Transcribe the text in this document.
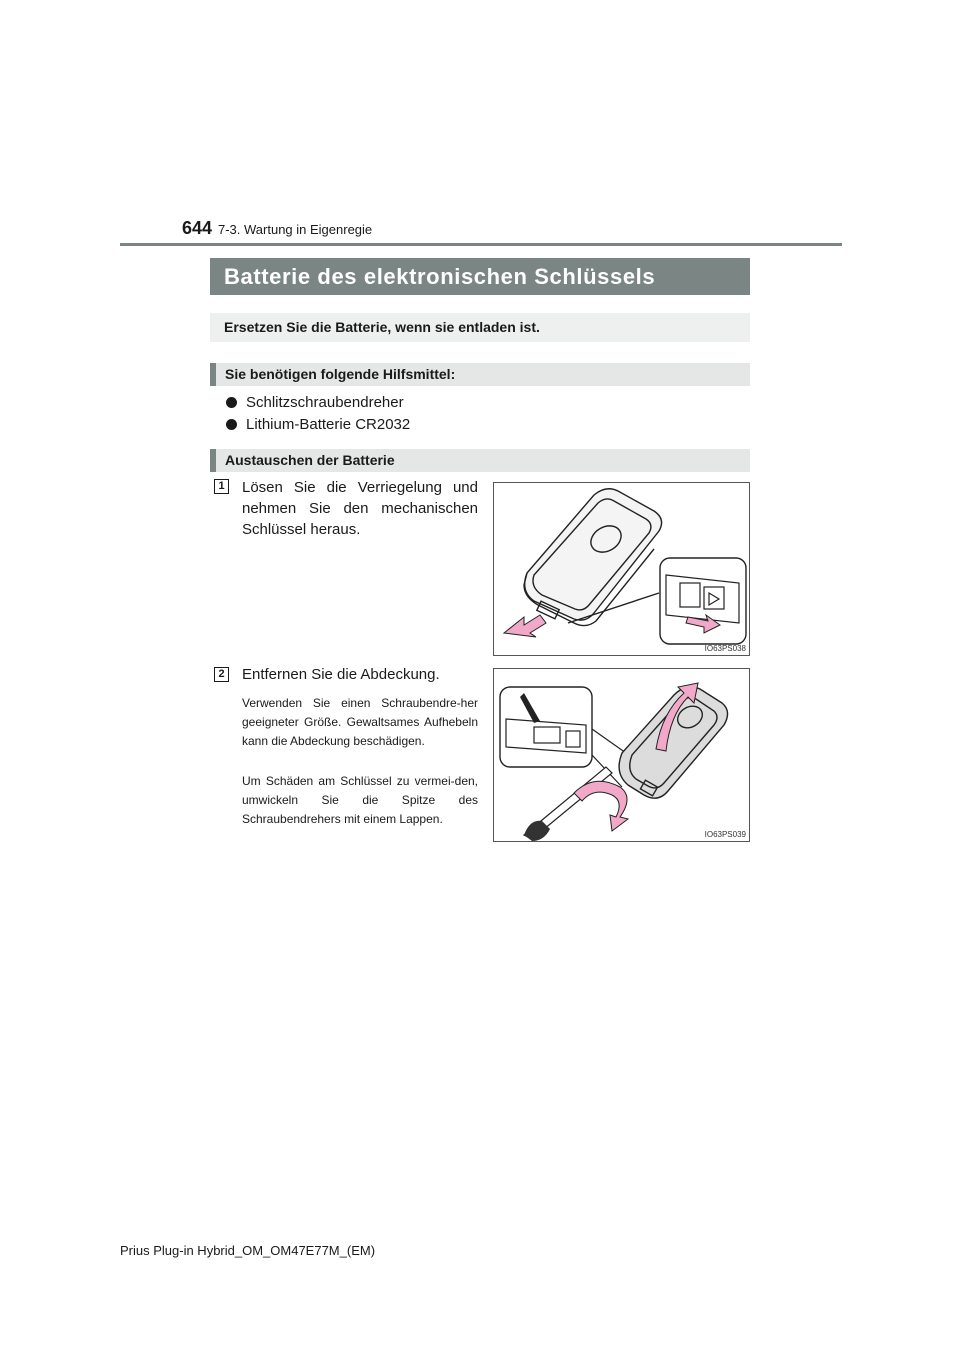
644 7-3. Wartung in Eigenregie
Batterie des elektronischen Schlüssels
Ersetzen Sie die Batterie, wenn sie entladen ist.
Sie benötigen folgende Hilfsmittel:
Schlitzschraubendreher
Lithium-Batterie CR2032
Austauschen der Batterie
1 Lösen Sie die Verriegelung und nehmen Sie den mechanischen Schlüssel heraus.
IO63PS038
2 Entfernen Sie die Abdeckung.
Verwenden Sie einen Schraubendre-her geeigneter Größe. Gewaltsames Aufhebeln kann die Abdeckung beschädigen.
Um Schäden am Schlüssel zu vermei-den, umwickeln Sie die Spitze des Schraubendrehers mit einem Lappen.
IO63PS039
Prius Plug-in Hybrid_OM_OM47E77M_(EM)
